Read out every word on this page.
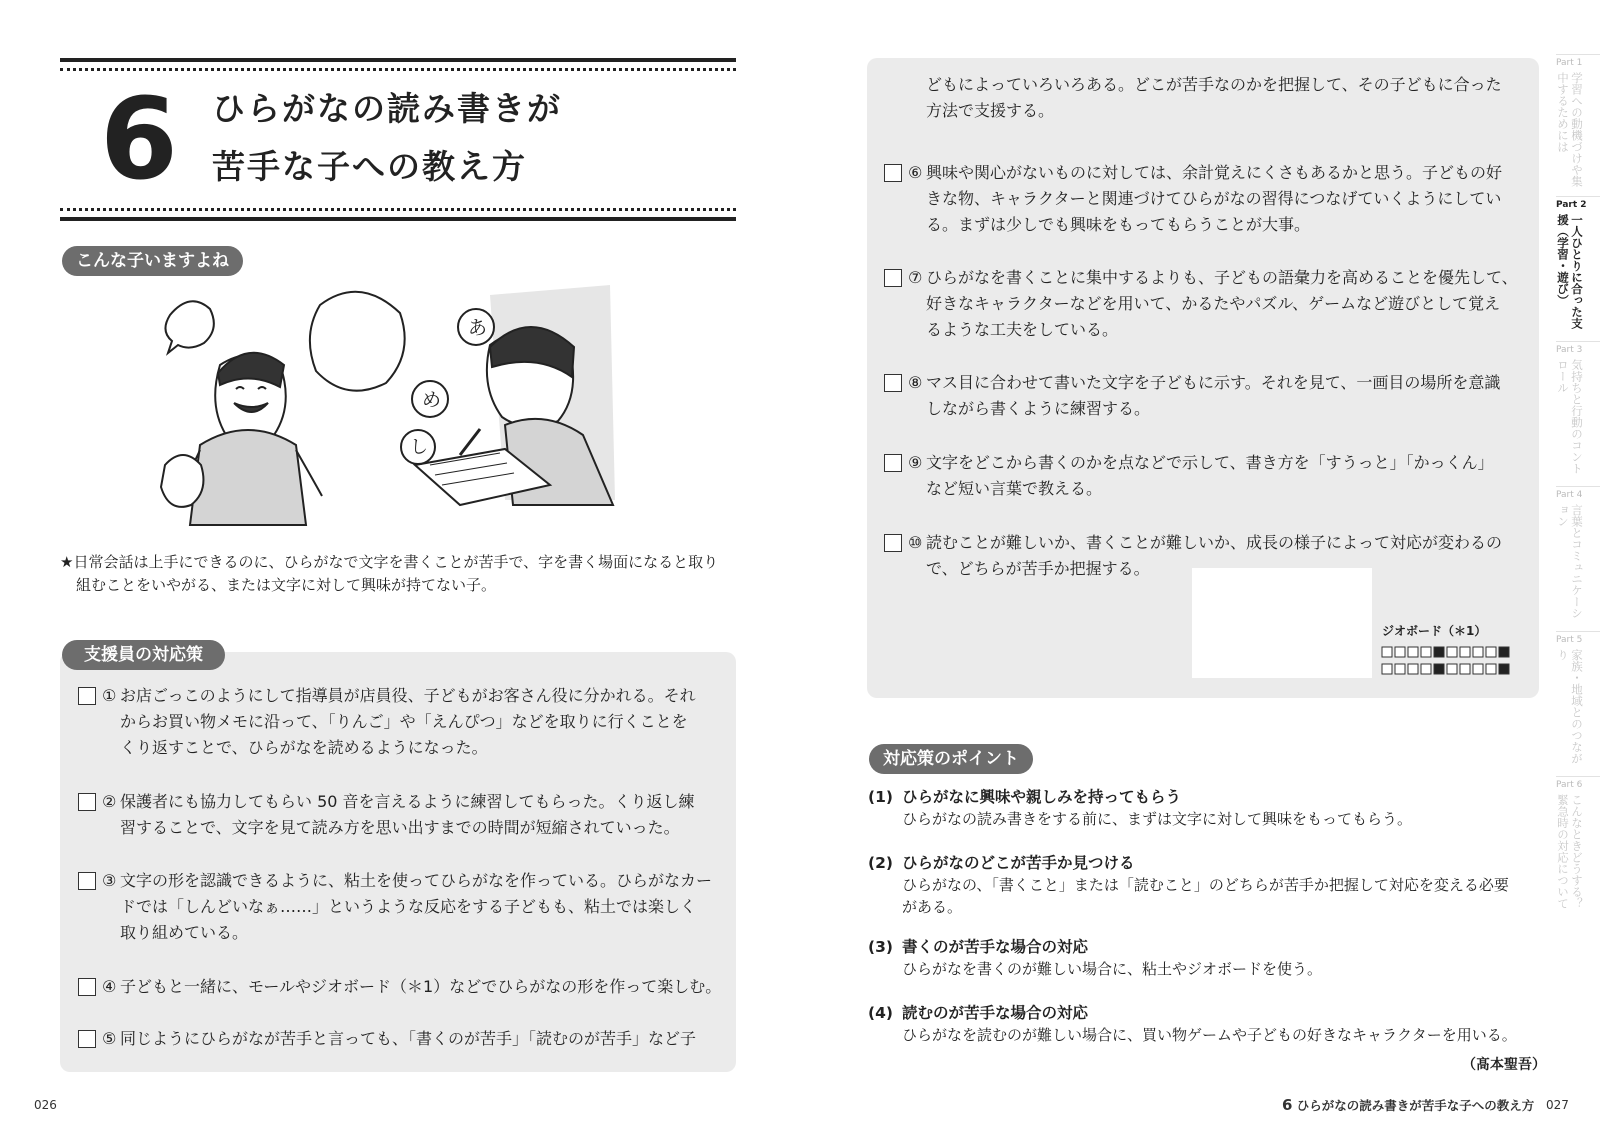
6 ひらがなの読み書きが
苦手な子への教え方
こんな子いますよね
あ
め
し
★日常会話は上手にできるのに、ひらがなで文字を書くことが苦手で、字を書く場面になると取り
組むことをいやがる、または文字に対して興味が持てない子。
支援員の対応策
① お店ごっこのようにして指導員が店員役、子どもがお客さん役に分かれる。それ
からお買い物メモに沿って、「りんご」や「えんぴつ」などを取りに行くことを
くり返すことで、ひらがなを読めるようになった。
② 保護者にも協力してもらい 50 音を言えるように練習してもらった。くり返し練
習することで、文字を見て読み方を思い出すまでの時間が短縮されていった。
③ 文字の形を認識できるように、粘土を使ってひらがなを作っている。ひらがなカー
ドでは「しんどいなぁ……」というような反応をする子どもも、粘土では楽しく
取り組めている。
④ 子どもと一緒に、モールやジオボード（＊1）などでひらがなの形を作って楽しむ。
⑤ 同じようにひらがなが苦手と言っても、「書くのが苦手」「読むのが苦手」など子
どもによっていろいろある。どこが苦手なのかを把握して、その子どもに合った
方法で支援する。
⑥ 興味や関心がないものに対しては、余計覚えにくさもあるかと思う。子どもの好
きな物、キャラクターと関連づけてひらがなの習得につなげていくようにしてい
る。まずは少しでも興味をもってもらうことが大事。
⑦ ひらがなを書くことに集中するよりも、子どもの語彙力を高めることを優先して、
好きなキャラクターなどを用いて、かるたやパズル、ゲームなど遊びとして覚え
るような工夫をしている。
⑧ マス目に合わせて書いた文字を子どもに示す。それを見て、一画目の場所を意識
しながら書くように練習する。
⑨ 文字をどこから書くのかを点などで示して、書き方を「すうっと」「かっくん」
など短い言葉で教える。
⑩ 読むことが難しいか、書くことが難しいか、成長の様子によって対応が変わるの
で、どちらが苦手か把握する。
ジオボード（＊1）
対応策のポイント
(1) ひらがなに興味や親しみを持ってもらう
ひらがなの読み書きをする前に、まずは文字に対して興味をもってもらう。
(2) ひらがなのどこが苦手か見つける
ひらがなの、「書くこと」または「読むこと」のどちらが苦手か把握して対応を変える必要
がある。
(3) 書くのが苦手な場合の対応
ひらがなを書くのが難しい場合に、粘土やジオボードを使う。
(4) 読むのが苦手な場合の対応
ひらがなを読むのが難しい場合に、買い物ゲームや子どもの好きなキャラクターを用いる。
（髙本聖吾）
Part 1
学習への動機づけや集中するためには
Part 2
一人ひとりに合った支援（学習・遊び）
Part 3
気持ちと行動のコントロール
Part 4
言葉とコミュニケーション
Part 5
家族・地域とのつながり
Part 6
こんなときどうする？緊急時の対応について
026	6 ひらがなの読み書きが苦手な子への教え方 027
